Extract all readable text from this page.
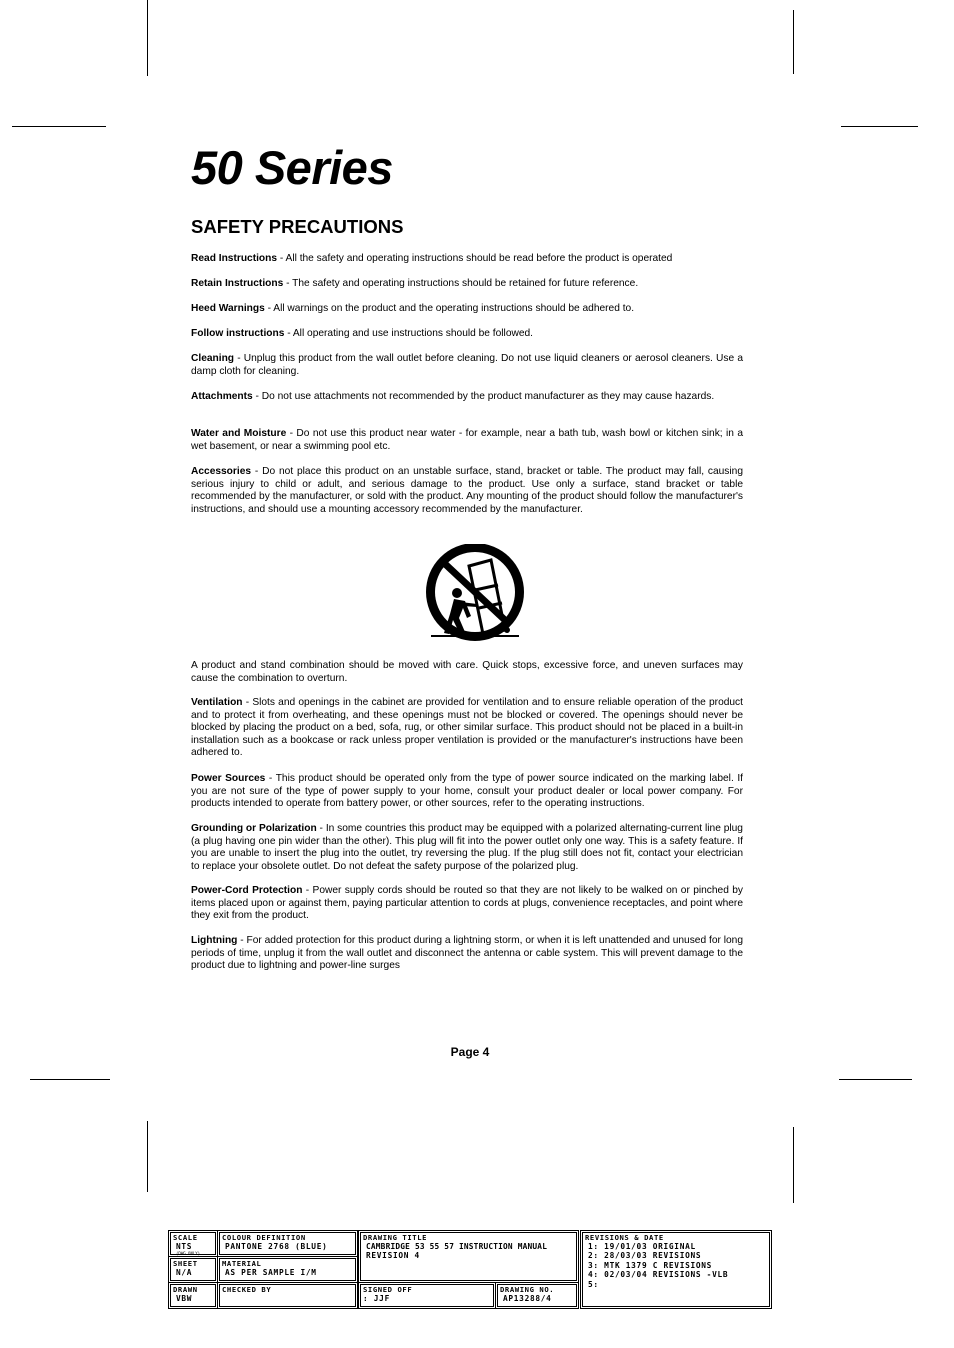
50 Series
SAFETY PRECAUTIONS

Read Instructions - All the safety and operating instructions should be read before the product is operated

Retain Instructions - The safety and operating instructions should be retained for future reference.

Heed Warnings - All warnings on the product and the operating instructions should be adhered to.

Follow instructions - All operating and use instructions should be followed.

Cleaning - Unplug this product from the wall outlet before cleaning. Do not use liquid cleaners or aerosol cleaners. Use a damp cloth for cleaning.

Attachments - Do not use attachments not recommended by the product manufacturer as they may cause hazards.

Water and Moisture - Do not use this product near water - for example, near a bath tub, wash bowl or kitchen sink; in a wet basement, or near a swimming pool etc.

Accessories - Do not place this product on an unstable surface, stand, bracket or table. The product may fall, causing serious injury to child or adult, and serious damage to the product. Use only a surface, stand bracket or table recommended by the manufacturer, or sold with the product. Any mounting of the product should follow the manufacturer's instructions, and should use a mounting accessory recommended by the manufacturer.

A product and stand combination should be moved with care. Quick stops, excessive force, and uneven surfaces may cause the combination to overturn.

Ventilation - Slots and openings in the cabinet are provided for ventilation and to ensure reliable operation of the product and to protect it from overheating, and these openings must not be blocked or covered. The openings should never be blocked by placing the product on a bed, sofa, rug, or other similar surface. This product should not be placed in a built-in installation such as a bookcase or rack unless proper ventilation is provided or the manufacturer's instructions have been adhered to.

Power Sources - This product should be operated only from the type of power source indicated on the marking label. If you are not sure of the type of power supply to your home, consult your product dealer or local power company. For products intended to operate from battery power, or other sources, refer to the operating instructions.

Grounding or Polarization - In some countries this product may be equipped with a polarized alternating-current line plug (a plug having one pin wider than the other). This plug will fit into the power outlet only one way. This is a safety feature. If you are unable to insert the plug into the outlet, try reversing the plug. If the plug still does not fit, contact your electrician to replace your obsolete outlet. Do not defeat the safety purpose of the polarized plug.

Power-Cord Protection - Power supply cords should be routed so that they are not likely to be walked on or pinched by items placed upon or against them, paying particular attention to cords at plugs, convenience receptacles, and point where they exit from the product.

Lightning - For added protection for this product during a lightning storm, or when it is left unattended and unused for long periods of time, unplug it from the wall outlet and disconnect the antenna or cable system. This will prevent damage to the product due to lightning and power-line surges

Page 4
SCALE
NTS
(DWG ONLY)
SHEET
N/A
DRAWN
VBW
COLOUR DEFINITION
PANTONE 2768 (BLUE)
MATERIAL
AS PER SAMPLE I/M
CHECKED BY
DRAWING TITLE
CAMBRIDGE 53 55 57 INSTRUCTION MANUAL
REVISION 4
SIGNED OFF
: JJF
DRAWING NO.
AP13288/4
REVISIONS & DATE
1: 19/01/03 ORIGINAL
2: 28/03/03 REVISIONS
3: MTK 1379 C REVISIONS
4: 02/03/04 REVISIONS -VLB
5:
